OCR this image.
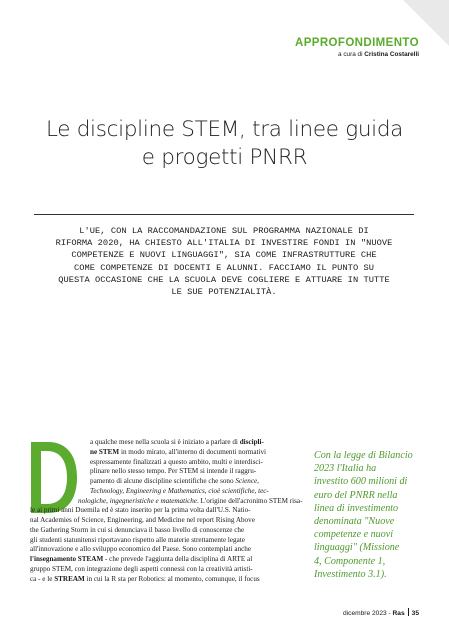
APPROFONDIMENTO
a cura di Cristina Costarelli
Le discipline STEM, tra linee guida
e progetti PNRR
L'UE, CON LA RACCOMANDAZIONE SUL PROGRAMMA NAZIONALE DI
RIFORMA 2020, HA CHIESTO ALL'ITALIA DI INVESTIRE FONDI IN "NUOVE
COMPETENZE E NUOVI LINGUAGGI", SIA COME INFRASTRUTTURE CHE
COME COMPETENZE DI DOCENTI E ALUNNI. FACCIAMO IL PUNTO SU
QUESTA OCCASIONE CHE LA SCUOLA DEVE COGLIERE E ATTUARE IN TUTTE
LE SUE POTENZIALITÀ.
D	a qualche mese nella scuola si è iniziato a parlare di discipli-
ne STEM in modo mirato, all'interno di documenti normativi
espressamente finalizzati a questo ambito, multi e interdisci-
plinare nello stesso tempo. Per STEM si intende il raggru-
pamento di alcune discipline scientifiche che sono Science,
Technology, Engineering e Mathematics, cioè scientifiche, tec-
nologiche, ingegneristiche e matematiche. L'origine dell'acronimo STEM risa-
le ai primi anni Duemila ed è stato inserito per la prima volta dall'U.S. Natio-
nal Academies of Science, Engineering, and Medicine nel report Rising Above
the Gathering Storm in cui si denunciava il basso livello di conoscenze che
gli studenti statunitensi riportavano rispetto alle materie strettamente legate
all'innovazione e allo sviluppo economico del Paese. Sono contemplati anche
l'insegnamento STEAM - che prevede l'aggiunta della disciplina di ARTE al
gruppo STEM, con integrazione degli aspetti connessi con la creatività artisti-
ca - e le STREAM in cui la R sta per Robotics: al momento, comunque, il focus
Con la legge di Bilancio
2023 l'Italia ha
investito 600 milioni di
euro del PNRR nella
linea di investimento
denominata "Nuove
competenze e nuovi
linguaggi" (Missione
4, Componente 1,
Investimento 3.1).
dicembre 2023 - Ras 35
